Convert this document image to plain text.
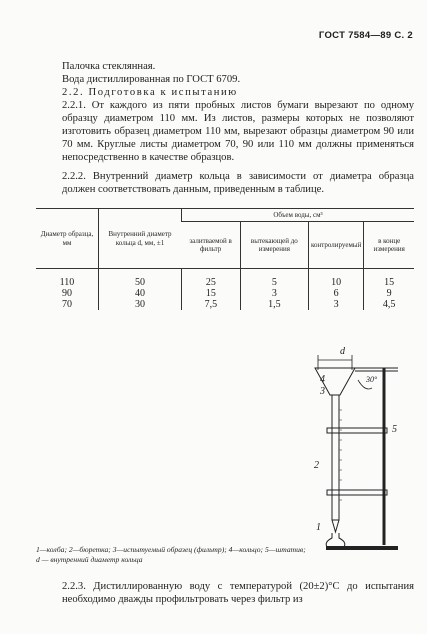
ГОСТ 7584—89 С. 2
Палочка стеклянная.
Вода дистиллированная по ГОСТ 6709.
2.2. Подготовка к испытанию
2.2.1. От каждого из пяти пробных листов бумаги вырезают по одному образцу диаметром 110 мм. Из листов, размеры которых не позволяют изготовить образец диаметром 110 мм, вырезают образцы диаметром 90 или 70 мм. Круглые листы диаметром 70, 90 или 110 мм должны применяться непосредственно в качестве образцов.
2.2.2. Внутренний диаметр кольца в зависимости от диаметра образца должен соответствовать данным, приведенным в таблице.
Диаметр образца, мм	Внутренний диаметр кольца d, мм, ±1	Объем воды, см³			
		залитваемой в фильтр	вытекающей до измерения	контролируемый	в конце измерения

110	50	25	5	10	15
90	40	15	3	6	9
70	30	7,5	1,5	3	4,5
d
4
3
30°
5
2
1
1—колба; 2—бюретка; 3—испытуемый образец (фильтр); 4—кольцо; 5—штатив; d — внутренний диаметр кольца
2.2.3. Дистиллированную воду с температурой (20±2)°С до испытания необходимо дважды профильтровать через фильтр из
